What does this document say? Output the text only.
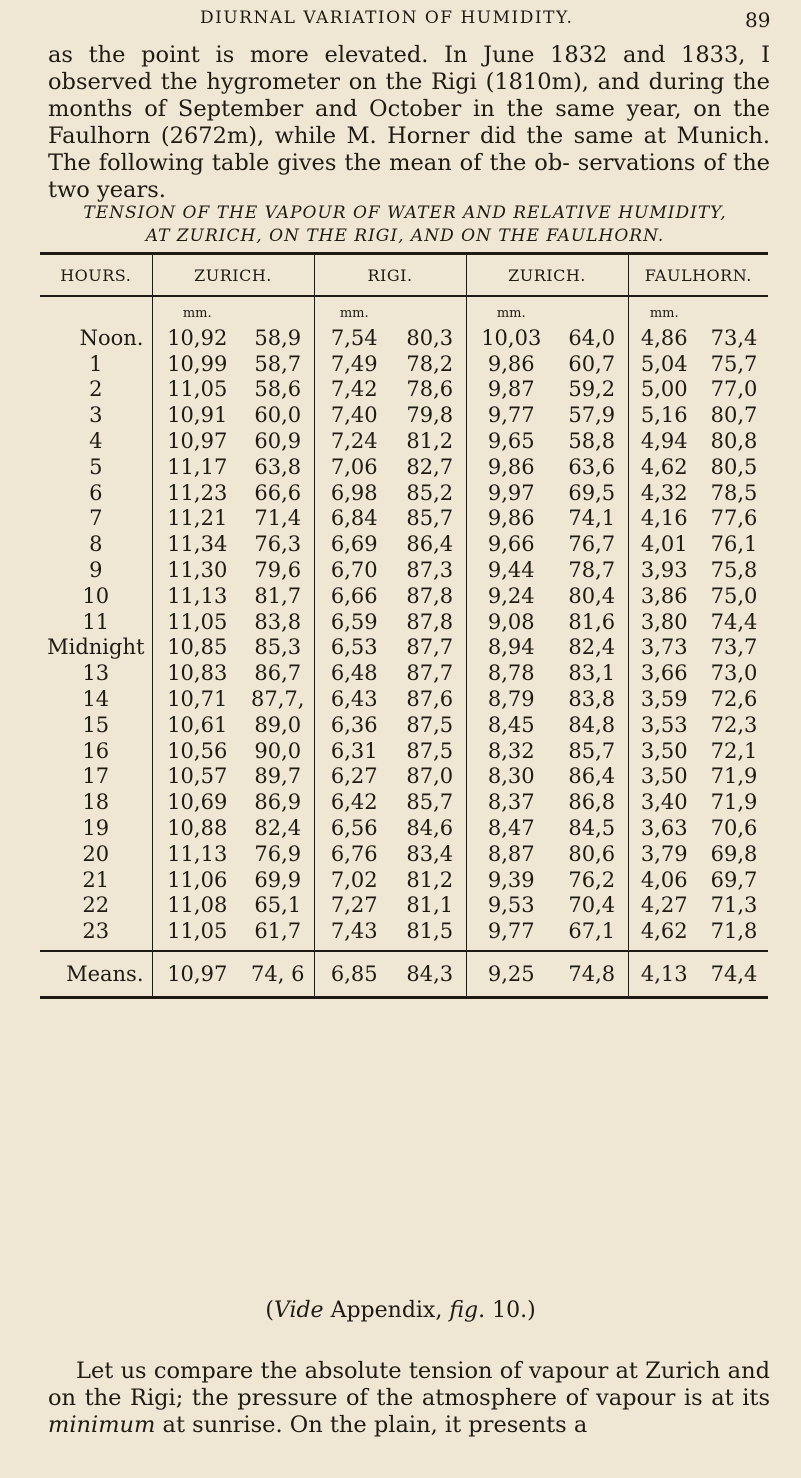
DIURNAL VARIATION OF HUMIDITY.	89

as the point is more elevated. In June 1832 and 1833, I observed the hygrometer on the Rigi (1810m), and during the months of September and October in the same year, on the Faulhorn (2672m), while M. Horner did the same at Munich. The following table gives the mean of the ob- servations of the two years.

TENSION OF THE VAPOUR OF WATER AND RELATIVE HUMIDITY,
AT ZURICH, ON THE RIGI, AND ON THE FAULHORN.
HOURS.	ZURICH.		RIGI.		ZURICH.		FAULHORN.	
	mm.		mm.		mm.		mm.	
Noon.	10,92	58,9	7,54	80,3	10,03	64,0	4,86	73,4
1	10,99	58,7	7,49	78,2	9,86	60,7	5,04	75,7
2	11,05	58,6	7,42	78,6	9,87	59,2	5,00	77,0
3	10,91	60,0	7,40	79,8	9,77	57,9	5,16	80,7
4	10,97	60,9	7,24	81,2	9,65	58,8	4,94	80,8
5	11,17	63,8	7,06	82,7	9,86	63,6	4,62	80,5
6	11,23	66,6	6,98	85,2	9,97	69,5	4,32	78,5
7	11,21	71,4	6,84	85,7	9,86	74,1	4,16	77,6
8	11,34	76,3	6,69	86,4	9,66	76,7	4,01	76,1
9	11,30	79,6	6,70	87,3	9,44	78,7	3,93	75,8
10	11,13	81,7	6,66	87,8	9,24	80,4	3,86	75,0
11	11,05	83,8	6,59	87,8	9,08	81,6	3,80	74,4
Midnight	10,85	85,3	6,53	87,7	8,94	82,4	3,73	73,7
13	10,83	86,7	6,48	87,7	8,78	83,1	3,66	73,0
14	10,71	87,7,	6,43	87,6	8,79	83,8	3,59	72,6
15	10,61	89,0	6,36	87,5	8,45	84,8	3,53	72,3
16	10,56	90,0	6,31	87,5	8,32	85,7	3,50	72,1
17	10,57	89,7	6,27	87,0	8,30	86,4	3,50	71,9
18	10,69	86,9	6,42	85,7	8,37	86,8	3,40	71,9
19	10,88	82,4	6,56	84,6	8,47	84,5	3,63	70,6
20	11,13	76,9	6,76	83,4	8,87	80,6	3,79	69,8
21	11,06	69,9	7,02	81,2	9,39	76,2	4,06	69,7
22	11,08	65,1	7,27	81,1	9,53	70,4	4,27	71,3
23	11,05	61,7	7,43	81,5	9,77	67,1	4,62	71,8
Means.	10,97	74, 6	6,85	84,3	9,25	74,8	4,13	74,4
(Vide Appendix, fig. 10.)

Let us compare the absolute tension of vapour at Zurich and on the Rigi; the pressure of the atmosphere of vapour is at its minimum at sunrise. On the plain, it presents a
